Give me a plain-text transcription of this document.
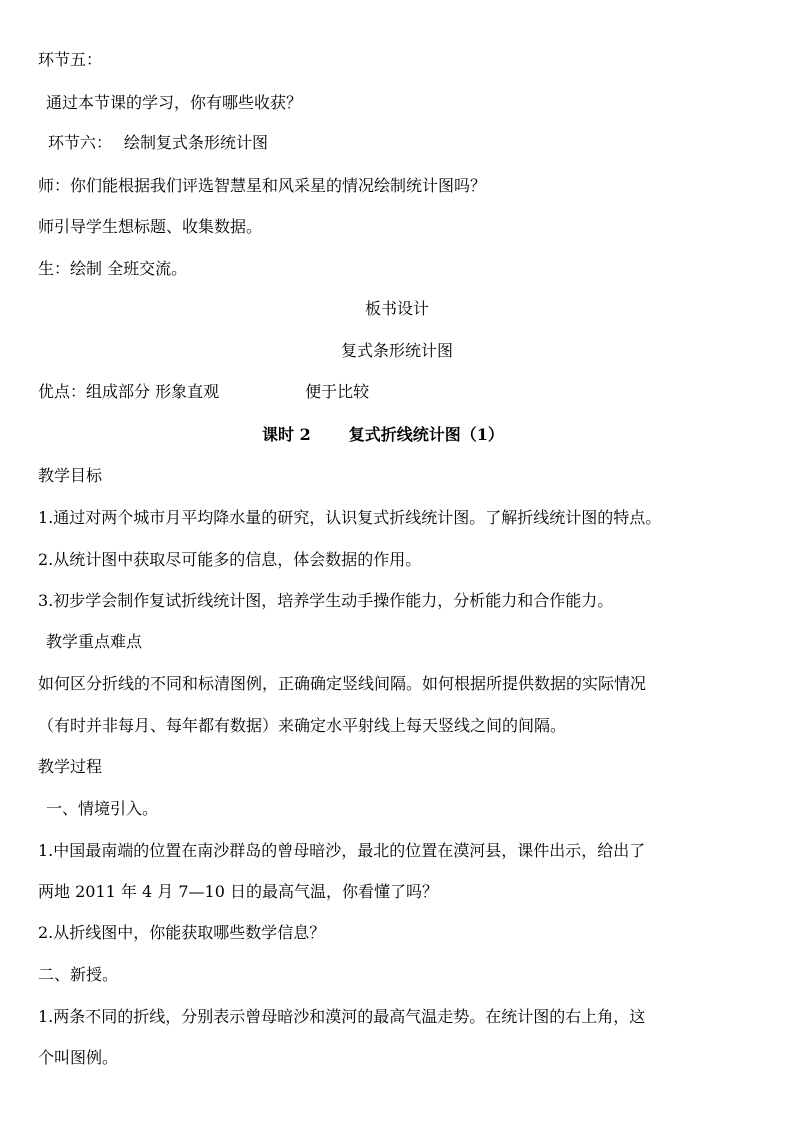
环节五：
通过本节课的学习，你有哪些收获？
环节六： 绘制复式条形统计图
师：你们能根据我们评选智慧星和风采星的情况绘制统计图吗？
师引导学生想标题、收集数据。
生：绘制 全班交流。
板书设计
复式条形统计图
优点：组成部分 形象直观	便于比较
课时 2 复式折线统计图（1）
教学目标
1.通过对两个城市月平均降水量的研究，认识复式折线统计图。了解折线统计图的特点。
2.从统计图中获取尽可能多的信息，体会数据的作用。
3.初步学会制作复试折线统计图，培养学生动手操作能力，分析能力和合作能力。
教学重点难点
如何区分折线的不同和标清图例，正确确定竖线间隔。如何根据所提供数据的实际情况
（有时并非每月、每年都有数据）来确定水平射线上每天竖线之间的间隔。
教学过程
一、情境引入。
1.中国最南端的位置在南沙群岛的曾母暗沙，最北的位置在漠河县，课件出示，给出了
两地 2011 年 4 月 7—10 日的最高气温，你看懂了吗？
2.从折线图中，你能获取哪些数学信息？
二、新授。
1.两条不同的折线，分别表示曾母暗沙和漠河的最高气温走势。在统计图的右上角，这
个叫图例。
